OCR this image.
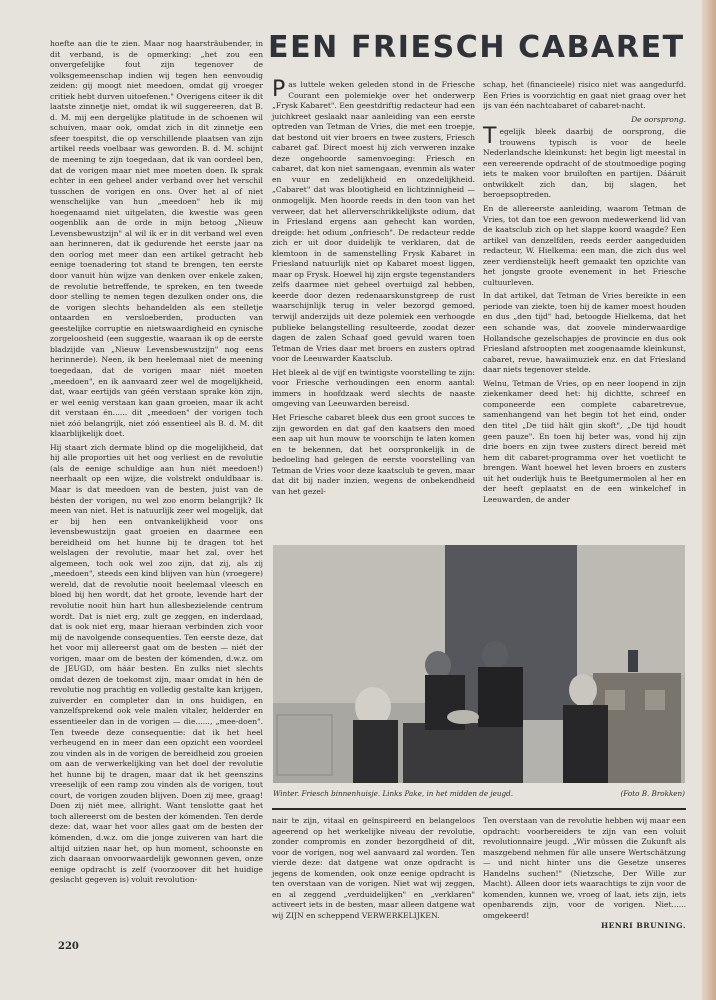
hoefte aan die te zien. Maar nog haarsträubender, in dit verband, is de opmerking: „het zou een onvergefelijke fout zijn tegenover de volksgemeenschap indien wij tegen hen eenvoudig zeiden: gij moogt niet meedoen, omdat gij vroeger critiek hebt durven uitoefenen." Overigens citeer ik dit laatste zinnetje niet, omdat ik wil suggereeren, dat B. d. M. mij een dergelijke platitude in de schoenen wil schuiven, maar ook, omdat zich in dit zinnetje een sfeer toespitst, die op verschillende plaatsen van zijn artikel reeds voelbaar was geworden. B. d. M. schijnt de meening te zijn toegedaan, dat ik van oordeel ben, dat de vorigen maar niet mee moeten doen. Ik sprak echter in een geheel ander verband over het verschil tusschen de vorigen en ons. Over het al of niet wenschelijke van hun „meedoen" heb ik mij hoegenaamd niet uitgelaten, die kwestie was geen oogenblik aan de orde in mijn betoog „Nieuw Levensbewustzijn" al wil ik er in dit verband wel even aan herinneren, dat ik gedurende het eerste jaar na den oorlog met meer dan een artikel getracht heb eenige toenadering tot stand te brengen, ten eerste door vanuit hùn wijze van denken over enkele zaken, de revolutie betreffende, te spreken, en ten tweede door stelling te nemen tegen dezulken onder ons, die de vorigen slechts behandelden als een stelletje ontaarden en versloeberden, producten van geestelijke corruptie en nietswaardigheid en cynische zorgeloosheid (een suggestie, waaraan ik op de eerste bladzijde van „Nieuw Levensbewustzijn" nog eens herinnerde). Neen, ik ben heelemaal niet de meening toegedaan, dat de vorigen maar niét moeten „meedoen", en ik aanvaard zeer wel de mogelijkheid, dat, waar eertijds van géén verstaan sprake kòn zijn, er wel eenig verstaan kan gaan groeien, maar ik acht dit verstaan én...... dit „meedoen" der vorigen toch niet zóó belangrijk, niet zóó essentieel als B. d. M. dit klaarblijkelijk doet.

Hij staart zich dermate blind op die mogelijkheid, dat hij alle proporties uit het oog verliest en de revolutie (als de eenige schuldige aan hun niét meedoen!) neerhaalt op een wijze, die volstrekt onduldbaar is. Maar is dat meedoen van de besten, juist van de bésten der vorigen, nu wel zoo enorm belangrijk? Ik meen van niet. Het is natuurlijk zeer wel mogelijk, dat er bij hen een ontvankelijkheid voor ons levensbewustzijn gaat groeien en daarmee een bereidheid om het hunne bij te dragen tot het welslagen der revolutie, maar het zal, over het algemeen, toch ook wel zoo zijn, dat zij, als zij „meedoen", steeds een kind blijven van hùn (vroegere) wereld, dat de revolutie nooit heelemaal vleesch en bloed bij hen wordt, dat het groote, levende hart der revolutie nooit hùn hart hun allesbezielende centrum wordt. Dat is niet erg, zult ge zeggen, en inderdaad, dat is ook niet erg, maar hieraan verbinden zich voor mij de navolgende consequenties. Ten eerste deze, dat het voor mij allereerst gaat om de besten — niét der vorigen, maar om de besten der kómenden, d.w.z. om de JEUGD, om háár besten. En zulks niet slechts omdat dezen de toekomst zijn, maar omdat in hén de revolutie nog prachtig en volledig gestalte kan krijgen, zuiverder en completer dan in ons huidigen, en vanzelfsprekend ook vele malen vitaler, helderder en essentieeler dan in de vorigen — die......, „mee-doen". Ten tweede deze consequentie: dat ik het heel verheugend en in meer dan een opzicht een voordeel zou vinden als in de vorigen de bereidheid zou groeien om aan de verwerkelijking van het doel der revolutie het hunne bij te dragen, maar dat ik het geenszins vreeselijk of een ramp zou vinden als de vorigen, tout court, de vorigen zouden blijven. Doen zij mee, graag! Doen zij niét mee, allright. Want tenslotte gaat het toch allereerst om de besten der kómenden. Ten derde deze: dat, waar het voor alles gaat om de besten der kómenden, d.w.z. om die jonge zuiveren van hart die altijd uitzien naar het, op hun moment, schoonste en zich daaraan onvoorwaardelijk gewonnen geven, onze eenige opdracht is zelf (voorzoover dit het huidige geslacht gegeven is) voluit revolution-

EEN FRIESCH CABARET

Pas luttele weken geleden stond in de Friesche Courant een polemiekje over het onderwerp „Frysk Kabaret". Een geestdriftig redacteur had een juichkreet geslaakt naar aanleiding van een eerste optreden van Tetman de Vries, die met een troepje, dat bestond uit vier broers en twee zusters, Friesch cabaret gaf. Direct moest hij zich verweren inzake deze ongehoorde samenvoeging: Friesch en cabaret, dat kon niet samengaan, evenmin als water en vuur en zedelijkheid en onzedelijkheid. „Cabaret" dat was blootigheid en lichtzinnigheid — onmogelijk. Men hoorde reeds in den toon van het verweer, dat het allerverschrikkelijkste odium, dat in Friesland ergens aan gehecht kan worden, dreigde: het odium „onfriesch". De redacteur redde zich er uit door duidelijk te verklaren, dat de klemtoon in de samenstelling Frysk Kabaret in Friesland natuurlijk niet op Kabaret moest liggen, maar op Frysk. Hoewel hij zijn ergste tegenstanders zelfs daarmee niet geheel overtuigd zal hebben, keerde door dezen redenaarskunstgreep de rust waarschijnlijk terug in veler bezorgd gemoed, terwijl anderzijds uit deze polemiek een verhoogde publieke belangstelling resulteerde, zoodat dezer dagen de zalen Schaaf goed gevuld waren toen Tetman de Vries daar met broers en zusters optrad voor de Leeuwarder Kaatsclub.

Het bleek al de vijf en twintigste voorstelling te zijn: voor Friesche verhoudingen een enorm aantal: immers in hoofdzaak werd slechts de naaste omgeving van Leeuwarden bereisd.

Het Friesche cabaret bleek dus een groot succes te zijn geworden en dat gaf den kaatsers den moed een aap uit hun mouw te voorschijn te laten komen en te bekennen, dat het oorspronkelijk in de bedoeling had gelegen de eerste voorstelling van Tetman de Vries voor deze kaatsclub te geven, maar dat dit bij nader inzien, wegens de onbekendheid van het gezel-

schap, het (financieele) risico niet was aangedurfd. Een Fries is voorzichtig en gaat niet graag over het ijs van één nachtcabaret of cabaret-nacht.

De oorsprong.

Tegelijk bleek daarbij de oorsprong, die trouwens typisch is voor de heele Nederlandsche kleinkunst: het begin ligt meestal in een vereerende opdracht of de stoutmoedige poging iets te maken voor bruiloften en partijen. Dááruit ontwikkelt zich dan, bij slagen, het beroepsoptreden.

En de allereerste aanleiding, waarom Tetman de Vries, tot dan toe een gewoon medewerkend lid van de kaatsclub zich op het slappe koord waagde? Een artikel van denzelfden, reeds eerder aangeduiden redacteur, W. Hielkema: een man, die zich dus wel zeer verdienstelijk heeft gemaakt ten opzichte van het jongste groote evenement in het Friesche cultuurleven.

In dat artikel, dat Tetman de Vries bereikte in een periode van ziekte, toen hij de kamer moest houden en dus „den tijd" had, betoogde Hielkema, dat het een schande was, dat zoovele minderwaardige Hollandsche gezelschapjes de provincie en dus ook Friesland afstroopten met zoogenaamde kleinkunst, cabaret, revue, hawaiimuziek enz. en dat Friesland daar niets tegenover stelde.

Welnu, Tetman de Vries, op en neer loopend in zijn ziekenkamer deed het: hij dichtte, schreef en componeerde een complete cabaretrevue, samenhangend van het begin tot het eind, onder den titel „De tiid hâlt gjin skoft", „De tijd houdt geen pauze". En toen hij beter was, vond hij zijn drie boers en zijn twee zusters direct bereid mèt hem dit cabaret-programma over het voetlicht te brengen. Want hoewel het leven broers en zusters uit het ouderlijk huis te Beetgumermolen al her en der heeft geplaatst en de een winkelchef in Leeuwarden, de ander

Winter. Friesch binnenhuisje. Links Pake, in het midden de jeugd.	(Foto B. Brokken)

nair te zijn, vitaal en geïnspireerd en belangeloos ageerend op het werkelijke niveau der revolutie, zonder compromis en zonder bezorgdheid of dit, voor de vorigen, nog wel aanvaard zal worden. Ten vierde deze: dat datgene wat onze opdracht is jegens de komenden, ook onze eenige opdracht is ten overstaan van de vorigen. Niet wat wij zeggen, en al zeggend „verduidelijken" en „verklaren" activeert iets in de besten, maar alleen datgene wat wij ZIJN en scheppend VERWERKELIJKEN.

Ten overstaan van de revolutie hebben wij maar een opdracht: voorbereiders te zijn van een voluit revolutionnaire jeugd. „Wir müssen die Zukunft als maszgebend nehmen für alle unsere Wertschätzung — und nicht hinter uns die Gesetze unseres Handelns suchen!" (Nietzsche, Der Wille zur Macht). Alleen door iets waarachtigs te zijn voor de komenden, kunnen we, vroeg of laat, iets zijn, iets openbarends zijn, voor de vorigen. Niet...... omgekeerd!

HENRI BRUNING.
220
